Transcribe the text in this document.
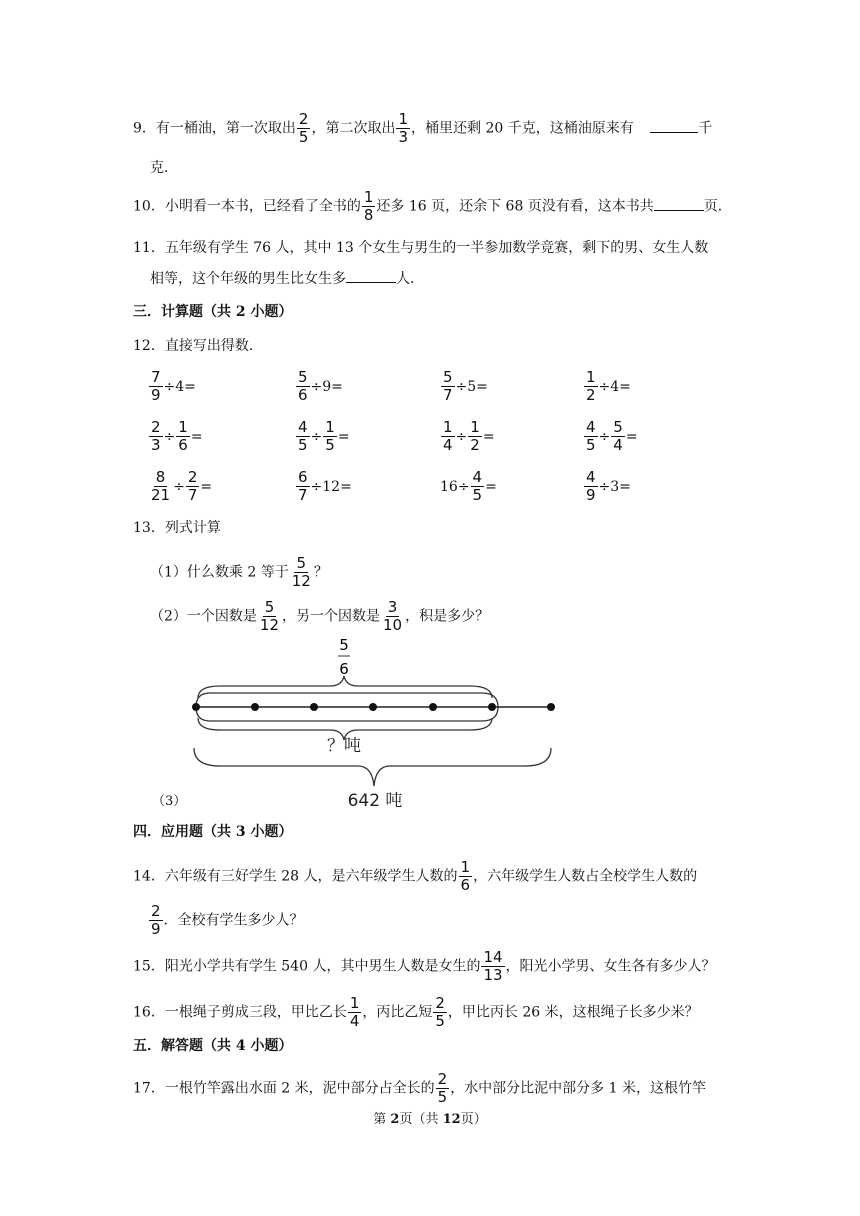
9．有一桶油，第一次取出 $\frac{2}{5}$ ，第二次取出 $\frac{1}{3}$ ，桶里还剩 20 千克，这桶油原来有	千
克．
10．小明看一本书，已经看了全书的 $\frac{1}{8}$ 还多 16 页，还余下 68 页没有看，这本书共	页．
11．五年级有学生 76 人，其中 13 个女生与男生的一半参加数学竞赛，剩下的男、女生人数
相等，这个年级的男生比女生多	人．
三．计算题（共 2 小题）
12．直接写出得数．
$\frac{7}{9} \div 4=$	$\frac{5}{6} \div 9=$	$\frac{5}{7} \div 5=$	$\frac{1}{2} \div 4=$
$\frac{2}{3} \div \frac{1}{6}$ =	$\frac{4}{5} \div \frac{1}{5}$ =	$\frac{1}{4} \div \frac{1}{2}$ =	$\frac{4}{5} \div \frac{5}{4}$ =
$\frac{8}{21} \div \frac{2}{7}$ =	$\frac{6}{7} \div 12=$	$16\div \frac{4}{5}$ =	$\frac{4}{9} \div 3=$
13．列式计算
（1）什么数乘 2 等于 $\frac{5}{12}$ ？
（2）一个因数是 $\frac{5}{12}$ ，另一个因数是 $\frac{3}{10}$ ，积是多少？
5
6
？吨
642 吨
（3）
四．应用题（共 3 小题）
14．六年级有三好学生 28 人，是六年级学生人数的 $\frac{1}{6}$ ，六年级学生人数占全校学生人数的
$\frac{2}{9}$ ．全校有学生多少人？
15．阳光小学共有学生 540 人，其中男生人数是女生的 $\frac{14}{13}$ ，阳光小学男、女生各有多少人？
16．一根绳子剪成三段，甲比乙长 $\frac{1}{4}$ ，丙比乙短 $\frac{2}{5}$ ，甲比丙长 26 米，这根绳子长多少米？
五．解答题（共 4 小题）
17．一根竹竿露出水面 2 米，泥中部分占全长的 $\frac{2}{5}$ ，水中部分比泥中部分多 1 米，这根竹竿
第 2页（共 12页）
